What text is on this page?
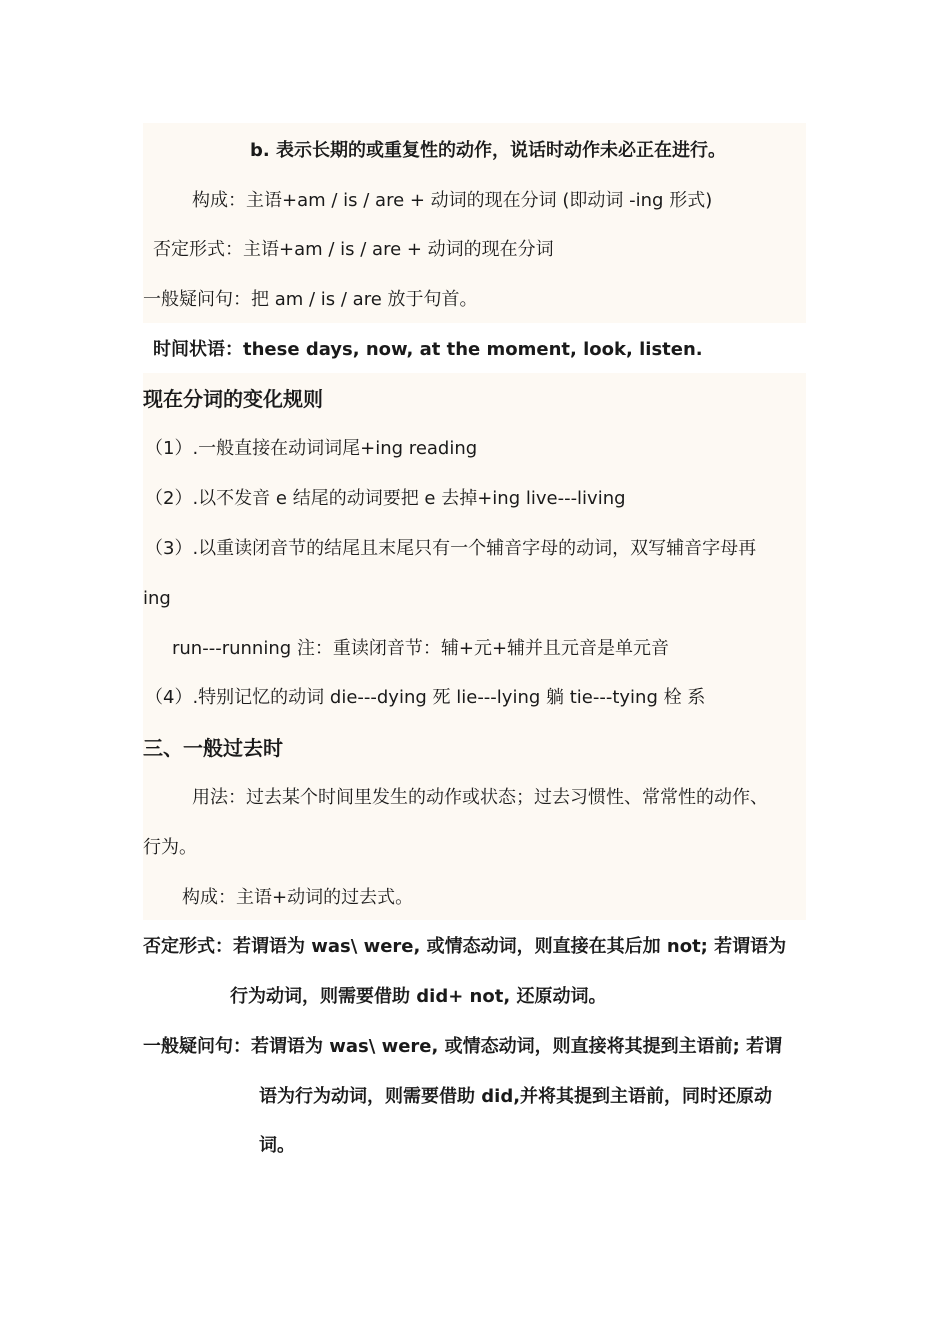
b. 表示长期的或重复性的动作，说话时动作未必正在进行。
构成：主语+am / is / are + 动词的现在分词 (即动词 -ing 形式)
否定形式：主语+am / is / are + 动词的现在分词
一般疑问句：把 am / is / are 放于句首。
时间状语：these days, now, at the moment, look, listen.
现在分词的变化规则
（1）.一般直接在动词词尾+ing reading
（2）.以不发音 e 结尾的动词要把 e 去掉+ing live---living
（3）.以重读闭音节的结尾且末尾只有一个辅音字母的动词，双写辅音字母再
ing
run---running 注：重读闭音节：辅+元+辅并且元音是单元音
（4）.特别记忆的动词 die---dying 死 lie---lying 躺 tie---tying 栓 系
三、一般过去时
用法：过去某个时间里发生的动作或状态；过去习惯性、常常性的动作、
行为。
构成：主语+动词的过去式。
否定形式：若谓语为 was\ were, 或情态动词，则直接在其后加 not; 若谓语为
行为动词，则需要借助 did+ not, 还原动词。
一般疑问句：若谓语为 was\ were, 或情态动词，则直接将其提到主语前; 若谓
语为行为动词，则需要借助 did,并将其提到主语前，同时还原动
词。
